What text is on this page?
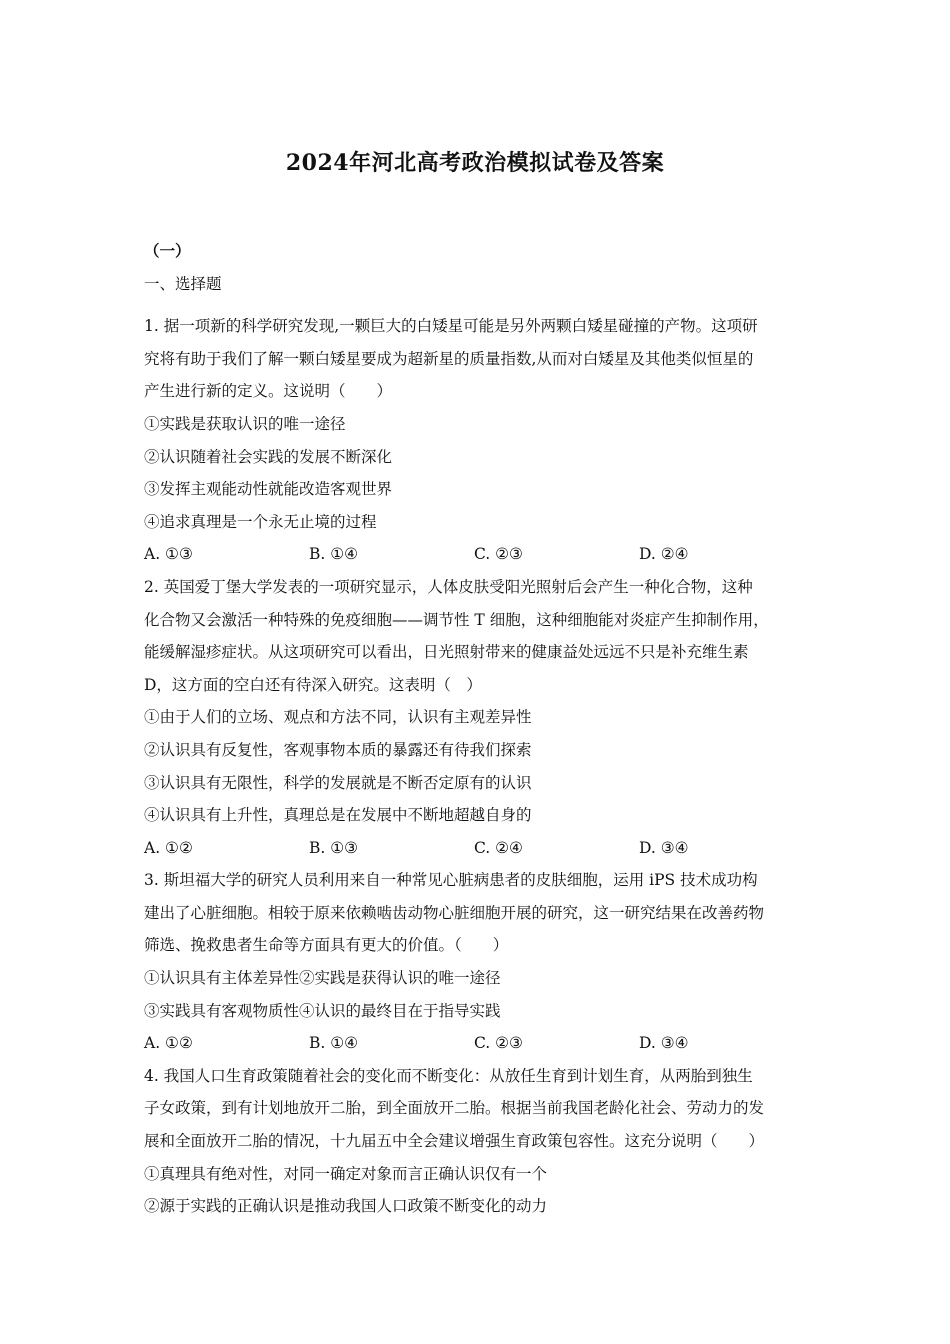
2024年河北高考政治模拟试卷及答案
（一）
一、选择题
1. 据一项新的科学研究发现,一颗巨大的白矮星可能是另外两颗白矮星碰撞的产物。这项研
究将有助于我们了解一颗白矮星要成为超新星的质量指数,从而对白矮星及其他类似恒星的
产生进行新的定义。这说明（　　）
①实践是获取认识的唯一途径
②认识随着社会实践的发展不断深化
③发挥主观能动性就能改造客观世界
④追求真理是一个永无止境的过程
A. ①③	B. ①④	C. ②③	D. ②④
2. 英国爱丁堡大学发表的一项研究显示，人体皮肤受阳光照射后会产生一种化合物，这种
化合物又会激活一种特殊的免疫细胞——调节性 T 细胞，这种细胞能对炎症产生抑制作用，
能缓解湿疹症状。从这项研究可以看出，日光照射带来的健康益处远远不只是补充维生素
D，这方面的空白还有待深入研究。这表明（　）
①由于人们的立场、观点和方法不同，认识有主观差异性
②认识具有反复性，客观事物本质的暴露还有待我们探索
③认识具有无限性，科学的发展就是不断否定原有的认识
④认识具有上升性，真理总是在发展中不断地超越自身的
A. ①②	B. ①③	C. ②④	D. ③④
3. 斯坦福大学的研究人员利用来自一种常见心脏病患者的皮肤细胞，运用 iPS 技术成功构
建出了心脏细胞。相较于原来依赖啮齿动物心脏细胞开展的研究，这一研究结果在改善药物
筛选、挽救患者生命等方面具有更大的价值。（　　）
①认识具有主体差异性②实践是获得认识的唯一途径
③实践具有客观物质性④认识的最终目在于指导实践
A. ①②	B. ①④	C. ②③	D. ③④
4. 我国人口生育政策随着社会的变化而不断变化：从放任生育到计划生育，从两胎到独生
子女政策，到有计划地放开二胎，到全面放开二胎。根据当前我国老龄化社会、劳动力的发
展和全面放开二胎的情况，十九届五中全会建议增强生育政策包容性。这充分说明（　　）
①真理具有绝对性，对同一确定对象而言正确认识仅有一个
②源于实践的正确认识是推动我国人口政策不断变化的动力
